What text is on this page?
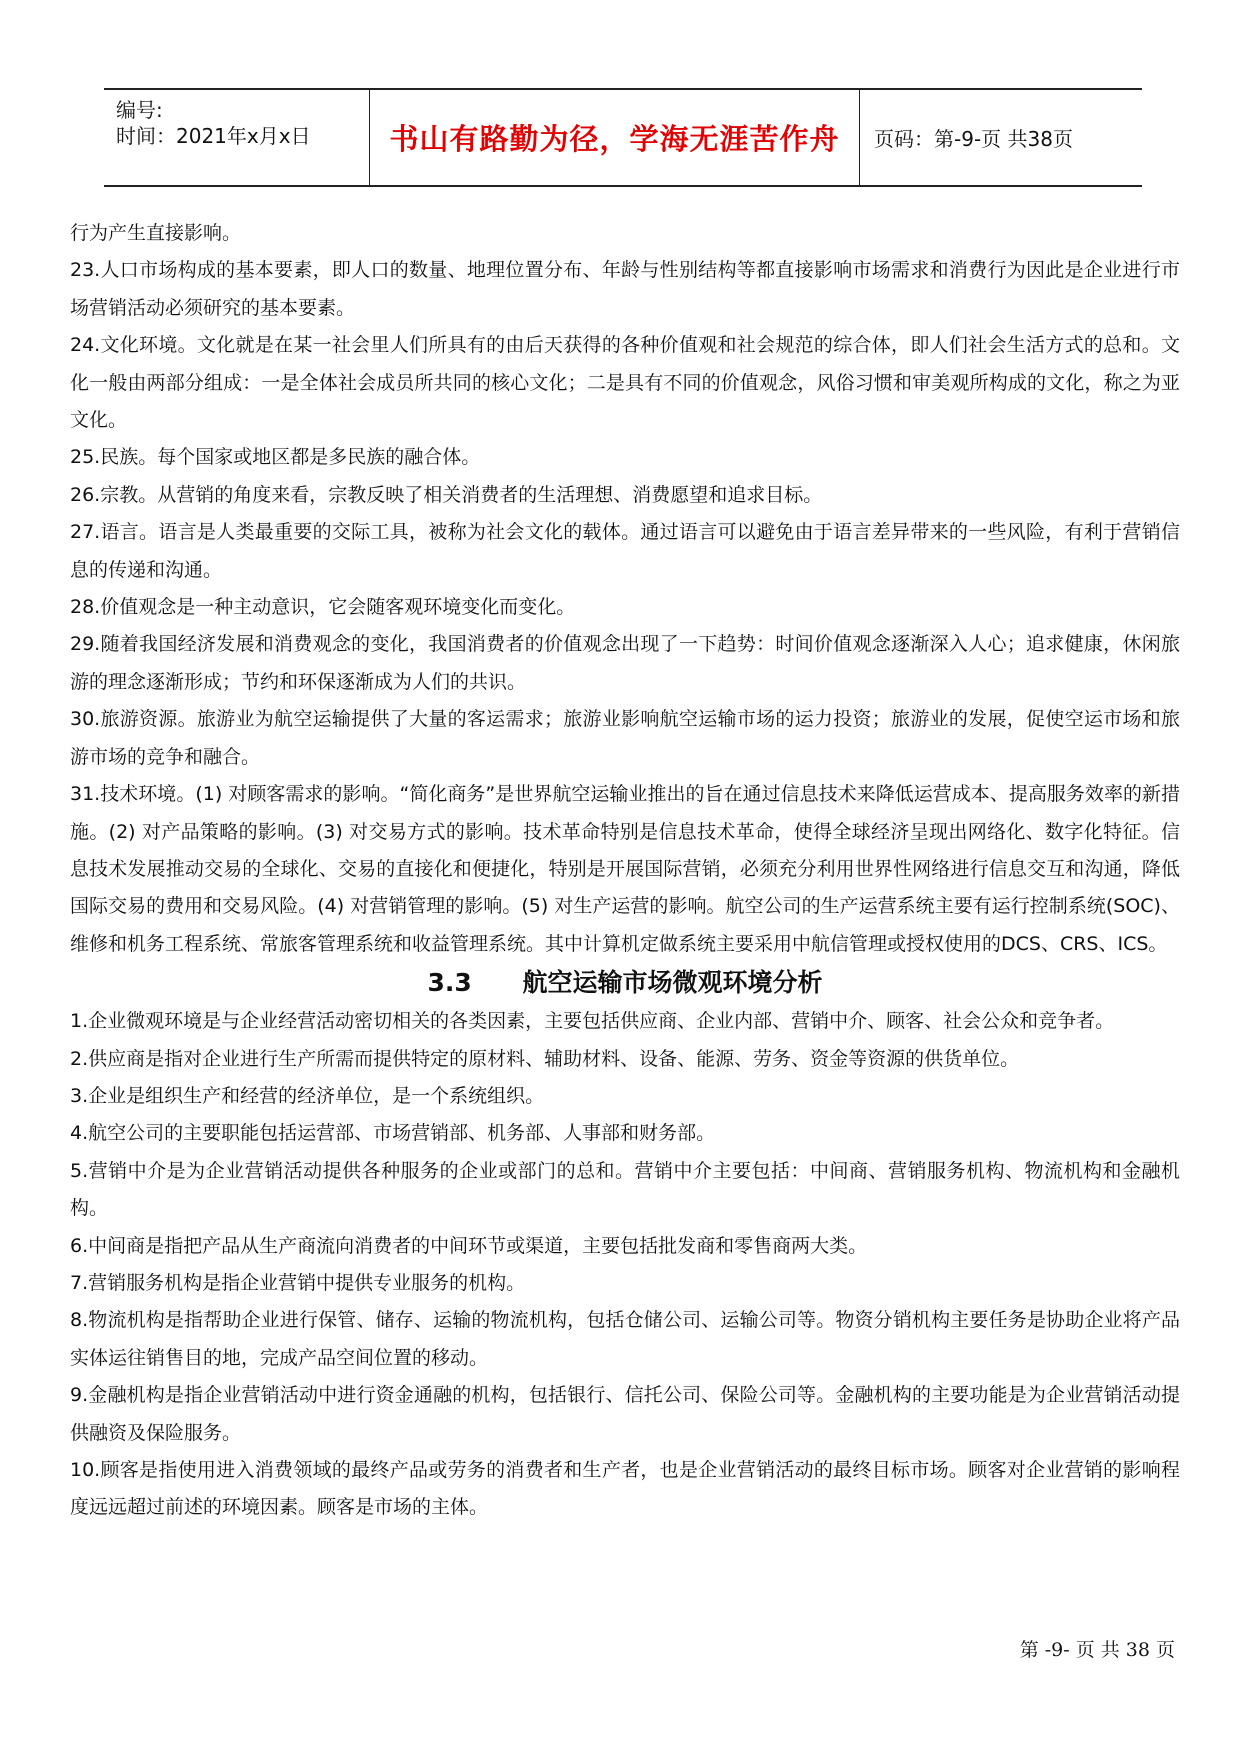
编号:
时间：2021年x月x日	书山有路勤为径，学海无涯苦作舟 页码：第-9-页 共38页

行为产生直接影响。

23.人口市场构成的基本要素，即人口的数量、地理位置分布、年龄与性别结构等都直接影响市场需求和消费行为因此是企业进行市场营销活动必须研究的基本要素。

24.文化环境。文化就是在某一社会里人们所具有的由后天获得的各种价值观和社会规范的综合体，即人们社会生活方式的总和。文化一般由两部分组成：一是全体社会成员所共同的核心文化；二是具有不同的价值观念，风俗习惯和审美观所构成的文化，称之为亚文化。

25.民族。每个国家或地区都是多民族的融合体。

26.宗教。从营销的角度来看，宗教反映了相关消费者的生活理想、消费愿望和追求目标。

27.语言。语言是人类最重要的交际工具，被称为社会文化的载体。通过语言可以避免由于语言差异带来的一些风险，有利于营销信息的传递和沟通。

28.价值观念是一种主动意识，它会随客观环境变化而变化。

29.随着我国经济发展和消费观念的变化，我国消费者的价值观念出现了一下趋势：时间价值观念逐渐深入人心；追求健康，休闲旅游的理念逐渐形成；节约和环保逐渐成为人们的共识。

30.旅游资源。旅游业为航空运输提供了大量的客运需求；旅游业影响航空运输市场的运力投资；旅游业的发展，促使空运市场和旅游市场的竞争和融合。

31.技术环境。(1) 对顾客需求的影响。“简化商务”是世界航空运输业推出的旨在通过信息技术来降低运营成本、提高服务效率的新措施。(2) 对产品策略的影响。(3) 对交易方式的影响。技术革命特别是信息技术革命，使得全球经济呈现出网络化、数字化特征。信息技术发展推动交易的全球化、交易的直接化和便捷化，特别是开展国际营销，必须充分利用世界性网络进行信息交互和沟通，降低国际交易的费用和交易风险。(4) 对营销管理的影响。(5) 对生产运营的影响。航空公司的生产运营系统主要有运行控制系统(SOC)、维修和机务工程系统、常旅客管理系统和收益管理系统。其中计算机定做系统主要采用中航信管理或授权使用的DCS、CRS、ICS。

3.3 航空运输市场微观环境分析

1.企业微观环境是与企业经营活动密切相关的各类因素，主要包括供应商、企业内部、营销中介、顾客、社会公众和竞争者。

2.供应商是指对企业进行生产所需而提供特定的原材料、辅助材料、设备、能源、劳务、资金等资源的供货单位。

3.企业是组织生产和经营的经济单位，是一个系统组织。

4.航空公司的主要职能包括运营部、市场营销部、机务部、人事部和财务部。

5.营销中介是为企业营销活动提供各种服务的企业或部门的总和。营销中介主要包括：中间商、营销服务机构、物流机构和金融机构。

6.中间商是指把产品从生产商流向消费者的中间环节或渠道，主要包括批发商和零售商两大类。

7.营销服务机构是指企业营销中提供专业服务的机构。

8.物流机构是指帮助企业进行保管、储存、运输的物流机构，包括仓储公司、运输公司等。物资分销机构主要任务是协助企业将产品实体运往销售目的地，完成产品空间位置的移动。

9.金融机构是指企业营销活动中进行资金通融的机构，包括银行、信托公司、保险公司等。金融机构的主要功能是为企业营销活动提供融资及保险服务。

10.顾客是指使用进入消费领域的最终产品或劳务的消费者和生产者，也是企业营销活动的最终目标市场。顾客对企业营销的影响程度远远超过前述的环境因素。顾客是市场的主体。

第 -9- 页 共 38 页
